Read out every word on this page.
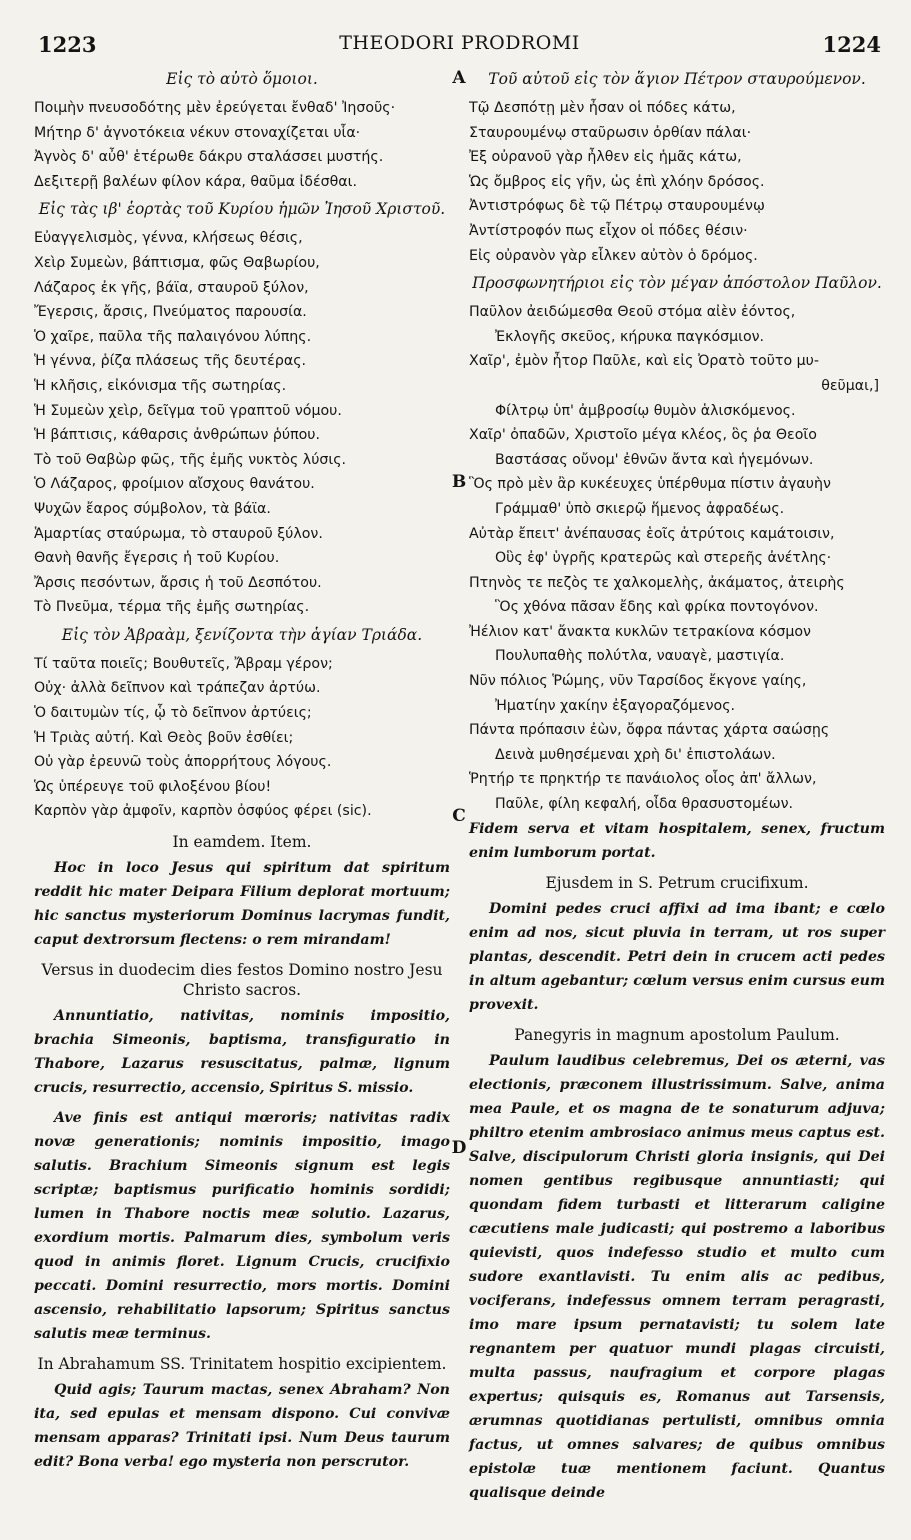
1223	THEODORI PRODROMI	1224
A
B
C
D
Εἰς τὸ αὐτὸ ὅμοιοι.
Ποιμὴν πνευσοδότης μὲν ἐρεύγεται ἔνθαδ' Ἰησοῦς·
Μήτηρ δ' ἀγνοτόκεια νέκυν στοναχίζεται υἷα·
Ἀγνὸς δ' αὖθ' ἑτέρωθε δάκρυ σταλάσσει μυστής.
Δεξιτερῇ βαλέων φίλον κάρα, θαῦμα ἰδέσθαι.
Εἰς τὰς ιβ' ἑορτὰς τοῦ Κυρίου ἡμῶν Ἰησοῦ Χριστοῦ.
Εὐαγγελισμὸς, γέννα, κλήσεως θέσις,
Χεὶρ Συμεὼν, βάπτισμα, φῶς Θαβωρίου,
Λάζαρος ἐκ γῆς, βάϊα, σταυροῦ ξύλον,
Ἔγερσις, ἄρσις, Πνεύματος παρουσία.
Ὁ χαῖρε, παῦλα τῆς παλαιγόνου λύπης.
Ἡ γέννα, ῥίζα πλάσεως τῆς δευτέρας.
Ἡ κλῆσις, εἰκόνισμα τῆς σωτηρίας.
Ἡ Συμεὼν χεὶρ, δεῖγμα τοῦ γραπτοῦ νόμου.
Ἡ βάπτισις, κάθαρσις ἀνθρώπων ῥύπου.
Τὸ τοῦ Θαβὼρ φῶς, τῆς ἐμῆς νυκτὸς λύσις.
Ὁ Λάζαρος, φροίμιον αἴσχους θανάτου.
Ψυχῶν ἔαρος σύμβολον, τὰ βάϊα.
Ἁμαρτίας σταύρωμα, τὸ σταυροῦ ξύλον.
Θανὴ θανῆς ἔγερσις ἡ τοῦ Κυρίου.
Ἄρσις πεσόντων, ἄρσις ἡ τοῦ Δεσπότου.
Τὸ Πνεῦμα, τέρμα τῆς ἐμῆς σωτηρίας.
Εἰς τὸν Ἀβραὰμ, ξενίζοντα τὴν ἁγίαν Τριάδα.
Τί ταῦτα ποιεῖς; Βουθυτεῖς, Ἄβραμ γέρον;
Οὐχ· ἀλλὰ δεῖπνον καὶ τράπεζαν ἀρτύω.
Ὁ δαιτυμὼν τίς, ᾧ τὸ δεῖπνον ἀρτύεις;
Ἡ Τριὰς αὐτή. Καὶ Θεὸς βοῦν ἐσθίει;
Οὐ γὰρ ἐρευνῶ τοὺς ἀπορρήτους λόγους.
Ὡς ὑπέρευγε τοῦ φιλοξένου βίου!
Καρπὸν γὰρ ἀμφοῖν, καρπὸν ὀσφύος φέρει (sic).
In eamdem. Item.

Hoc in loco Jesus qui spiritum dat spiritum reddit hic mater Deipara Filium deplorat mortuum; hic sanctus mysteriorum Dominus lacrymas fundit, caput dextrorsum flectens: o rem mirandam!

Versus in duodecim dies festos Domino nostro Jesu Christo sacros.

Annuntiatio, nativitas, nominis impositio, brachia Simeonis, baptisma, transfiguratio in Thabore, Lazarus resuscitatus, palmæ, lignum crucis, resurrectio, accensio, Spiritus S. missio.

Ave finis est antiqui mœroris; nativitas radix novæ generationis; nominis impositio, imago salutis. Brachium Simeonis signum est legis scriptæ; baptismus purificatio hominis sordidi; lumen in Thabore noctis meæ solutio. Lazarus, exordium mortis. Palmarum dies, symbolum veris quod in animis floret. Lignum Crucis, crucifixio peccati. Domini resurrectio, mors mortis. Domini ascensio, rehabilitatio lapsorum; Spiritus sanctus salutis meæ terminus.

In Abrahamum SS. Trinitatem hospitio excipientem.

Quid agis; Taurum mactas, senex Abraham? Non ita, sed epulas et mensam dispono. Cui convivæ mensam apparas? Trinitati ipsi. Num Deus taurum edit? Bona verba! ego mysteria non perscrutor.

Τοῦ αὐτοῦ εἰς τὸν ἅγιον Πέτρον σταυρούμενον.
Τῷ Δεσπότῃ μὲν ἦσαν οἱ πόδες κάτω,
Σταυρουμένῳ σταῦρωσιν ὀρθίαν πάλαι·
Ἐξ οὐρανοῦ γὰρ ἦλθεν εἰς ἡμᾶς κάτω,
Ὡς ὄμβρος εἰς γῆν, ὡς ἐπὶ χλόην δρόσος.
Ἀντιστρόφως δὲ τῷ Πέτρῳ σταυρουμένῳ
Ἀντίστροφόν πως εἶχον οἱ πόδες θέσιν·
Εἰς οὐρανὸν γὰρ εἷλκεν αὐτὸν ὁ δρόμος.
Προσφωνητήριοι εἰς τὸν μέγαν ἀπόστολον Παῦλον.
Παῦλον ἀειδώμεσθα Θεοῦ στόμα αἰὲν ἐόντος,
Ἐκλογῆς σκεῦος, κήρυκα παγκόσμιον.
Χαῖρ', ἐμὸν ἦτορ Παῦλε, καὶ εἰς Ὀρατὸ τοῦτο μυ-
θεῦμαι,]
Φίλτρῳ ὑπ' ἀμβροσίῳ θυμὸν ἁλισκόμενος.
Χαῖρ' ὀπαδῶν, Χριστοῖο μέγα κλέος, ὃς ῥα Θεοῖο
Βαστάσας οὔνομ' ἐθνῶν ἄντα καὶ ἡγεμόνων.
Ὃς πρὸ μὲν ἂρ κυκέευχες ὑπέρθυμα πίστιν ἀγαυὴν
Γράμμαθ' ὑπὸ σκιερῷ ἥμενος ἀφραδέως.
Αὐτὰρ ἔπειτ' ἀνέπαυσας ἑοῖς ἀτρύτοις καμάτοισιν,
Οὓς ἐφ' ὑγρῆς κρατερῶς καὶ στερεῆς ἀνέτλης·
Πτηνὸς τε πεζὸς τε χαλκομελὴς, ἀκάματος, ἀτειρὴς
Ὃς χθόνα πᾶσαν ἔδης καὶ φρίκα ποντογόνον.
Ἠέλιον κατ' ἄνακτα κυκλῶν τετρακίονα κόσμον
Πουλυπαθὴς πολύτλα, ναυαγὲ, μαστιγία.
Νῦν πόλιος Ῥώμης, νῦν Ταρσίδος ἔκγονε γαίης,
Ἠματίην χακίην ἐξαγοραζόμενος.
Πάντα πρόπασιν ἐὼν, ὄφρα πάντας χάρτα σαώσῃς
Δεινὰ μυθησέμεναι χρὴ δι' ἐπιστολάων.
Ῥητήρ τε πρηκτήρ τε πανάιολος οἷος ἀπ' ἄλλων,
Παῦλε, φίλη κεφαλή, οἶδα θρασυστομέων.

Fidem serva et vitam hospitalem, senex, fructum enim lumborum portat.

Ejusdem in S. Petrum crucifixum.

Domini pedes cruci affixi ad ima ibant; e cœlo enim ad nos, sicut pluvia in terram, ut ros super plantas, descendit. Petri dein in crucem acti pedes in altum agebantur; cœlum versus enim cursus eum provexit.

Panegyris in magnum apostolum Paulum.

Paulum laudibus celebremus, Dei os æterni, vas electionis, præconem illustrissimum. Salve, anima mea Paule, et os magna de te sonaturum adjuva; philtro etenim ambrosiaco animus meus captus est. Salve, discipulorum Christi gloria insignis, qui Dei nomen gentibus regibusque annuntiasti; qui quondam fidem turbasti et litterarum caligine cæcutiens male judicasti; qui postremo a laboribus quievisti, quos indefesso studio et multo cum sudore exantlavisti. Tu enim alis ac pedibus, vociferans, indefessus omnem terram peragrasti, imo mare ipsum pernatavisti; tu solem late regnantem per quatuor mundi plagas circuisti, multa passus, naufragium et corpore plagas expertus; quisquis es, Romanus aut Tarsensis, ærumnas quotidianas pertulisti, omnibus omnia factus, ut omnes salvares; de quibus omnibus epistolæ tuæ mentionem faciunt. Quantus qualisque deinde
